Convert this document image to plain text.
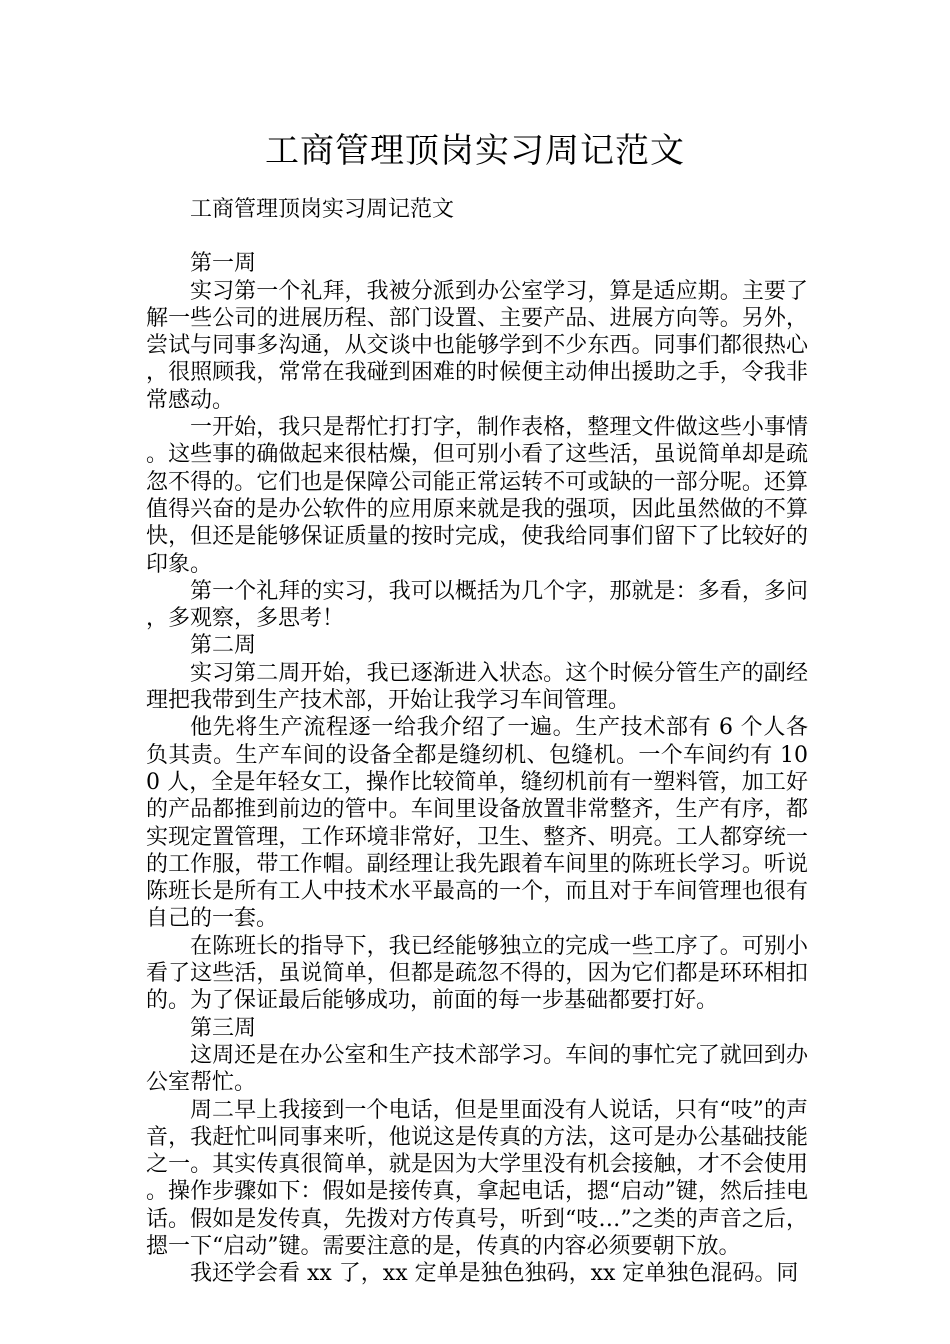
工商管理顶岗实习周记范文

工商管理顶岗实习周记范文

第一周

实习第一个礼拜，我被分派到办公室学习，算是适应期。主要了解一些公司的进展历程、部门设置、主要产品、进展方向等。另外，尝试与同事多沟通，从交谈中也能够学到不少东西。同事们都很热心，很照顾我，常常在我碰到困难的时候便主动伸出援助之手，令我非常感动。

一开始，我只是帮忙打打字，制作表格，整理文件做这些小事情。这些事的确做起来很枯燥，但可别小看了这些活，虽说简单却是疏忽不得的。它们也是保障公司能正常运转不可或缺的一部分呢。还算值得兴奋的是办公软件的应用原来就是我的强项，因此虽然做的不算快，但还是能够保证质量的按时完成，使我给同事们留下了比较好的印象。

第一个礼拜的实习，我可以概括为几个字，那就是：多看，多问，多观察，多思考！

第二周

实习第二周开始，我已逐渐进入状态。这个时候分管生产的副经理把我带到生产技术部，开始让我学习车间管理。

他先将生产流程逐一给我介绍了一遍。生产技术部有 6 个人各负其责。生产车间的设备全都是缝纫机、包缝机。一个车间约有 100 人，全是年轻女工，操作比较简单，缝纫机前有一塑料管，加工好的产品都推到前边的管中。车间里设备放置非常整齐，生产有序，都实现定置管理，工作环境非常好，卫生、整齐、明亮。工人都穿统一的工作服，带工作帽。副经理让我先跟着车间里的陈班长学习。听说陈班长是所有工人中技术水平最高的一个，而且对于车间管理也很有自己的一套。

在陈班长的指导下，我已经能够独立的完成一些工序了。可别小看了这些活，虽说简单，但都是疏忽不得的，因为它们都是环环相扣的。为了保证最后能够成功，前面的每一步基础都要打好。

第三周

这周还是在办公室和生产技术部学习。车间的事忙完了就回到办公室帮忙。

周二早上我接到一个电话，但是里面没有人说话，只有“吱”的声音，我赶忙叫同事来听，他说这是传真的方法，这可是办公基础技能之一。其实传真很简单，就是因为大学里没有机会接触，才不会使用。操作步骤如下：假如是接传真，拿起电话，摁“启动”键，然后挂电话。假如是发传真，先拨对方传真号，听到“吱…”之类的声音之后，摁一下“启动”键。需要注意的是，传真的内容必须要朝下放。

我还学会看 xx 了，xx 定单是独色独码，xx 定单独色混码。同
